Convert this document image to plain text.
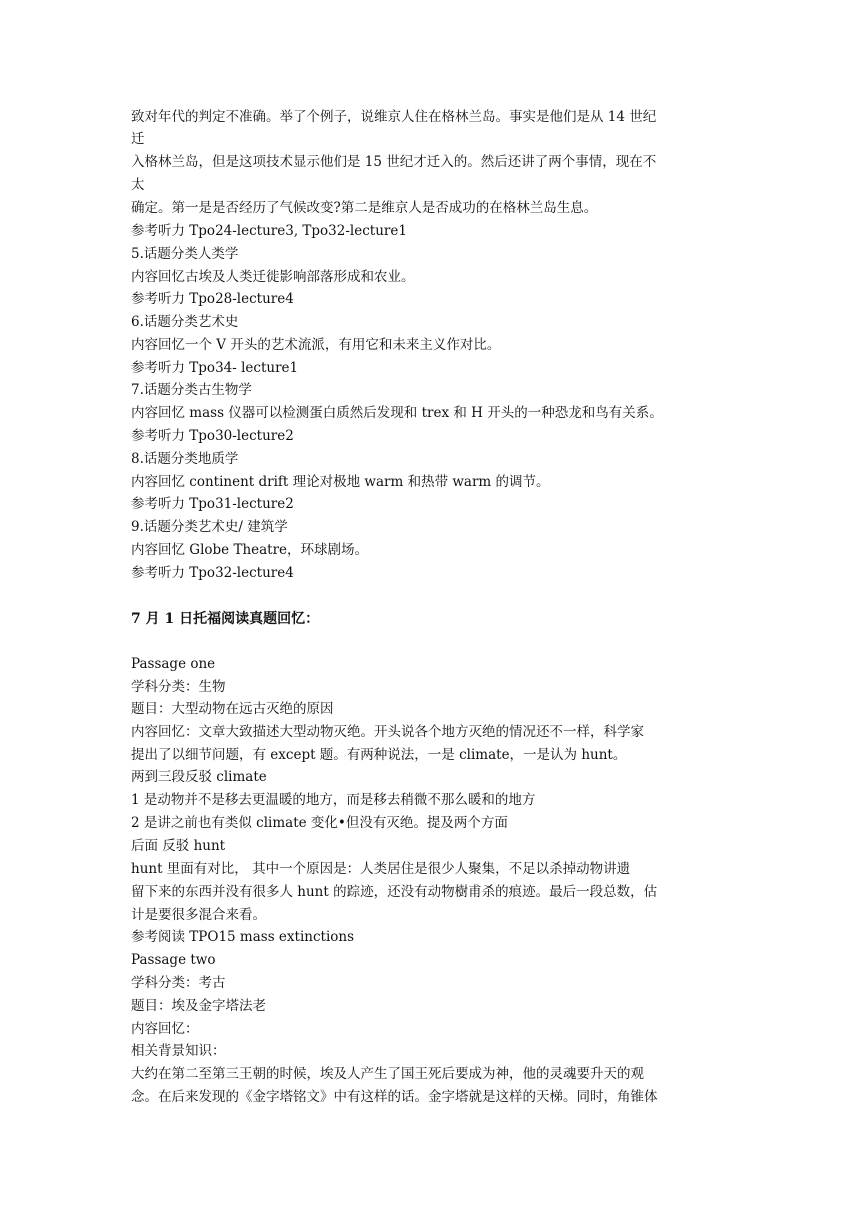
致对年代的判定不准确。举了个例子，说维京人住在格林兰岛。事实是他们是从 14 世纪
迁
入格林兰岛，但是这项技术显示他们是 15 世纪才迁入的。然后还讲了两个事情，现在不
太
确定。第一是是否经历了气候改变?第二是维京人是否成功的在格林兰岛生息。
参考听力 Tpo24-lecture3, Tpo32-lecture1
5.话题分类人类学
内容回忆古埃及人类迁徙影响部落形成和农业。
参考听力 Tpo28-lecture4
6.话题分类艺术史
内容回忆一个 V 开头的艺术流派，有用它和未来主义作对比。
参考听力 Tpo34- lecture1
7.话题分类古生物学
内容回忆 mass 仪器可以检测蛋白质然后发现和 trex 和 H 开头的一种恐龙和鸟有关系。
参考听力 Tpo30-lecture2
8.话题分类地质学
内容回忆 continent drift 理论对极地 warm 和热带 warm 的调节。
参考听力 Tpo31-lecture2
9.话题分类艺术史/ 建筑学
内容回忆 Globe Theatre，环球剧场。
参考听力 Tpo32-lecture4
7 月 1 日托福阅读真题回忆：
Passage one
学科分类：生物
题目：大型动物在远古灭绝的原因
内容回忆：文章大致描述大型动物灭绝。开头说各个地方灭绝的情况还不一样，科学家
提出了以细节问题，有 except 题。有两种说法，一是 climate，一是认为 hunt。
两到三段反驳 climate
1 是动物并不是移去更温暖的地方，而是移去稍微不那么暖和的地方
2 是讲之前也有类似 climate 变化•但没有灭绝。提及两个方面
后面 反驳 hunt
hunt 里面有对比， 其中一个原因是：人类居住是很少人聚集，不足以杀掉动物讲遗
留下来的东西并没有很多人 hunt 的踪迹，还没有动物樹甫杀的痕迹。最后一段总数，估
计是要很多混合来看。
参考阅读 TPO15 mass extinctions
Passage two
学科分类：考古
题目：埃及金字塔法老
内容回忆：
相关背景知识：
大约在第二至第三王朝的时候，埃及人产生了国王死后要成为神，他的灵魂要升天的观
念。在后来发现的《金字塔铭文》中有这样的话。金字塔就是这样的天梯。同时，角锥体
